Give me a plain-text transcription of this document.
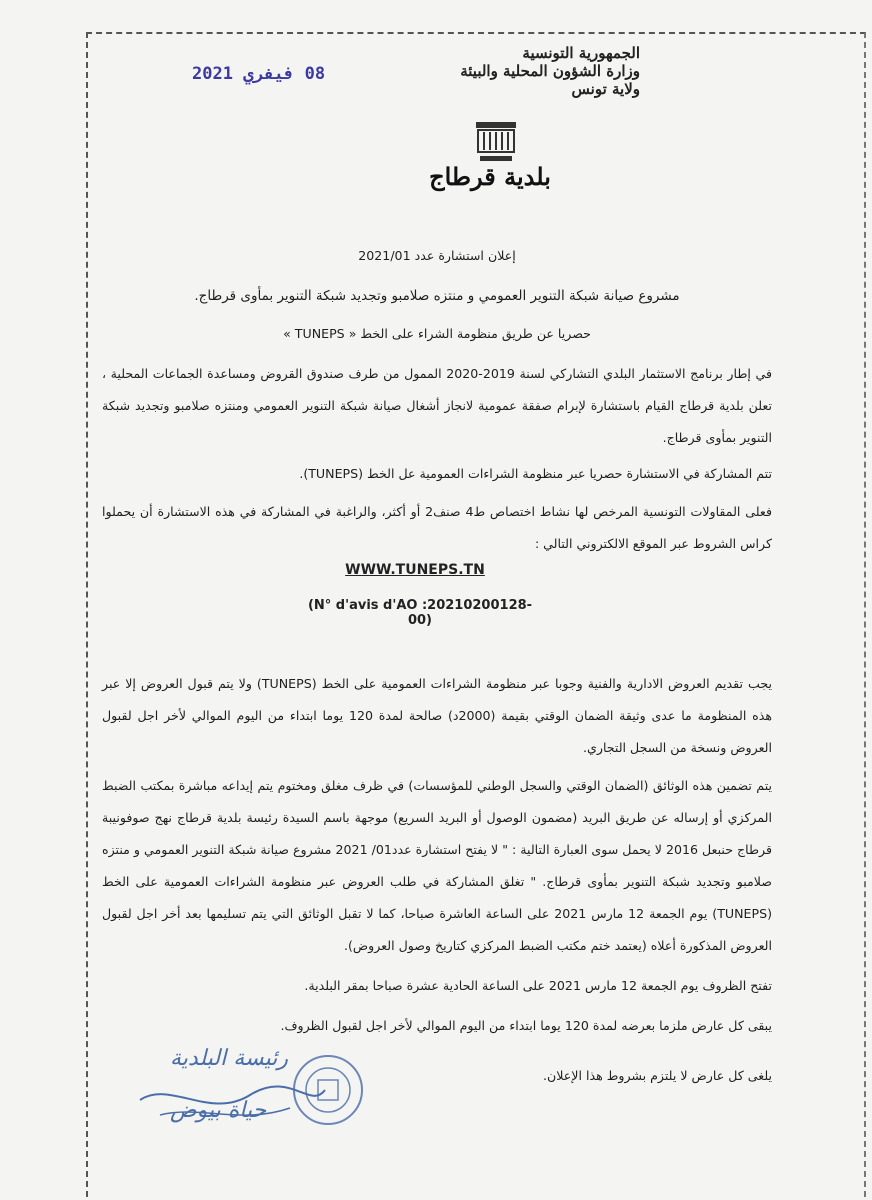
08 فيفري 2021
الجمهورية التونسية
وزارة الشؤون المحلية والبيئة
ولاية تونس
بلدية قرطاج
إعلان استشارة عدد 2021/01
مشروع صيانة شبكة التنوير العمومي و منتزه صلامبو وتجديد شبكة التنوير بمأوى قرطاج.
حصريا عن طريق منظومة الشراء على الخط « TUNEPS »
في إطار برنامج الاستثمار البلدي التشاركي لسنة 2019-2020 الممول من طرف صندوق القروض ومساعدة الجماعات المحلية ، تعلن بلدية قرطاج القيام باستشارة لإبرام صفقة عمومية لانجاز أشغال صيانة شبكة التنوير العمومي ومنتزه صلامبو وتجديد شبكة التنوير بمأوى قرطاج.
تتم المشاركة في الاستشارة حصريا عبر منظومة الشراءات العمومية عل الخط (TUNEPS).
فعلى المقاولات التونسية المرخص لها نشاط اختصاص ط4 صنف2 أو أكثر، والراغبة في المشاركة في هذه الاستشارة أن يحملوا كراس الشروط عبر الموقع الالكتروني التالي :
WWW.TUNEPS.TN
(N° d'avis d'AO :20210200128-00)
يجب تقديم العروض الادارية والفنية وجوبا عبر منظومة الشراءات العمومية على الخط (TUNEPS) ولا يتم قبول العروض إلا عبر هذه المنظومة ما عدى وثيقة الضمان الوقتي بقيمة (2000د) صالحة لمدة 120 يوما ابتداء من اليوم الموالي لأخر اجل لقبول العروض ونسخة من السجل التجاري.
يتم تضمين هذه الوثائق (الضمان الوقتي والسجل الوطني للمؤسسات) في ظرف مغلق ومختوم يتم إيداعه مباشرة بمكتب الضبط المركزي أو إرساله عن طريق البريد (مضمون الوصول أو البريد السريع) موجهة باسم السيدة رئيسة بلدية قرطاج نهج صوفونيبة قرطاج حنبعل 2016 لا يحمل سوى العبارة التالية : " لا يفتح استشارة عدد01/ 2021 مشروع صيانة شبكة التنوير العمومي و منتزه صلامبو وتجديد شبكة التنوير بمأوى قرطاج. " تغلق المشاركة في طلب العروض عبر منظومة الشراءات العمومية على الخط (TUNEPS) يوم الجمعة 12 مارس 2021 على الساعة العاشرة صباحا، كما لا تقبل الوثائق التي يتم تسليمها بعد أخر اجل لقبول العروض المذكورة أعلاه (يعتمد ختم مكتب الضبط المركزي كتاريخ وصول العروض).
تفتح الظروف يوم الجمعة 12 مارس 2021 على الساعة الحادية عشرة صباحا بمقر البلدية.
يبقى كل عارض ملزما بعرضه لمدة 120 يوما ابتداء من اليوم الموالي لأخر اجل لقبول الظروف.
يلغى كل عارض لا يلتزم بشروط هذا الإعلان.
رئيسة البلدية
حياة بيوض
